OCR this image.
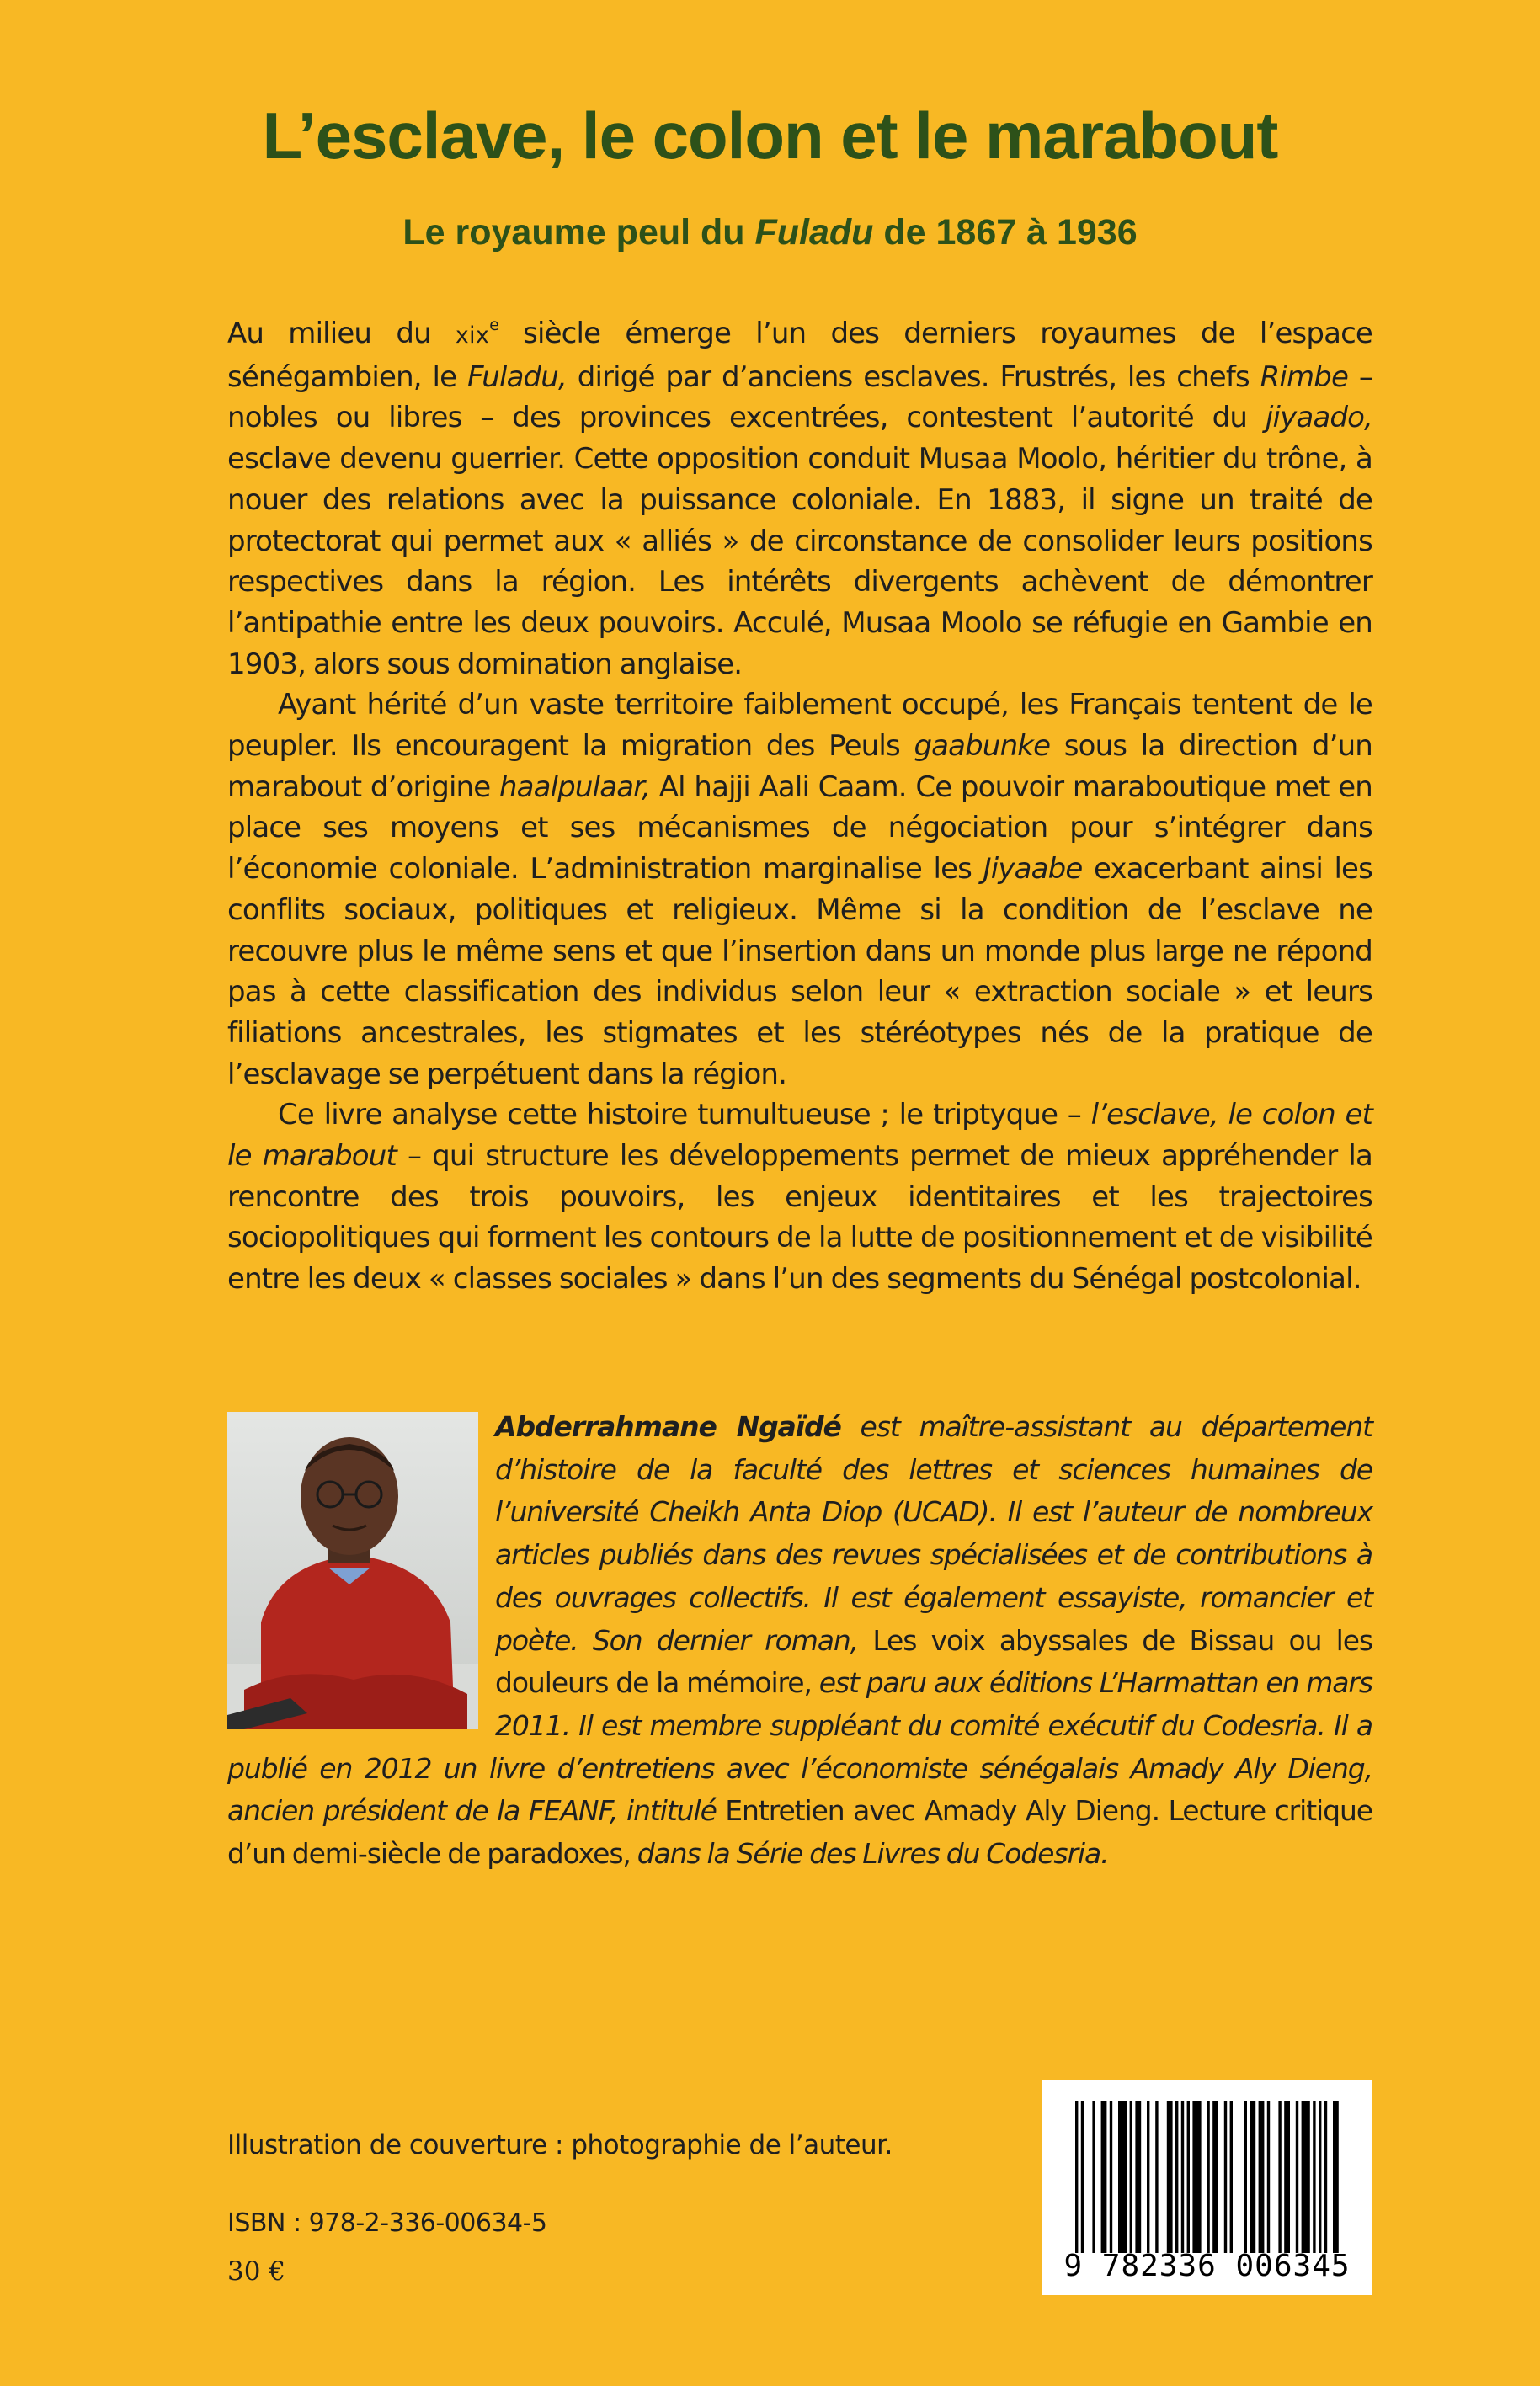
L’esclave, le colon et le marabout
Le royaume peul du Fuladu de 1867 à 1936

Au milieu du xix$^e$ siècle émerge l’un des derniers royaumes de l’espace sénégambien, le Fuladu, dirigé par d’anciens esclaves. Frustrés, les chefs Rimbe – nobles ou libres – des provinces excentrées, contestent l’autorité du jiyaado, esclave devenu guerrier. Cette opposition conduit Musaa Moolo, héritier du trône, à nouer des relations avec la puissance coloniale. En 1883, il signe un traité de protectorat qui permet aux « alliés » de circonstance de consolider leurs positions respectives dans la région. Les intérêts divergents achèvent de démontrer l’antipathie entre les deux pouvoirs. Acculé, Musaa Moolo se réfugie en Gambie en 1903, alors sous domination anglaise.

Ayant hérité d’un vaste territoire faiblement occupé, les Français tentent de le peupler. Ils encouragent la migration des Peuls gaabunke sous la direction d’un marabout d’origine haalpulaar, Al hajji Aali Caam. Ce pouvoir maraboutique met en place ses moyens et ses mécanismes de négociation pour s’intégrer dans l’économie coloniale. L’administration marginalise les Jiyaabe exacerbant ainsi les conflits sociaux, politiques et religieux. Même si la condition de l’esclave ne recouvre plus le même sens et que l’insertion dans un monde plus large ne répond pas à cette classification des individus selon leur « extraction sociale » et leurs filiations ancestrales, les stigmates et les stéréotypes nés de la pratique de l’esclavage se perpétuent dans la région.

Ce livre analyse cette histoire tumultueuse ; le triptyque – l’esclave, le colon et le marabout – qui structure les développements permet de mieux appréhender la rencontre des trois pouvoirs, les enjeux identitaires et les trajectoires sociopolitiques qui forment les contours de la lutte de positionnement et de visibilité entre les deux « classes sociales » dans l’un des segments du Sénégal postcolonial.

Abderrahmane Ngaïdé est maître-assistant au département d’histoire de la faculté des lettres et sciences humaines de l’université Cheikh Anta Diop (UCAD). Il est l’auteur de nombreux articles publiés dans des revues spécialisées et de contributions à des ouvrages collectifs. Il est également essayiste, romancier et poète. Son dernier roman, Les voix abyssales de Bissau ou les douleurs de la mémoire, est paru aux éditions L’Harmattan en mars 2011. Il est membre suppléant du comité exécutif du Codesria. Il a publié en 2012 un livre d’entretiens avec l’économiste sénégalais Amady Aly Dieng, ancien président de la FEANF, intitulé Entretien avec Amady Aly Dieng. Lecture critique d’un demi-siècle de paradoxes, dans la Série des Livres du Codesria.
Illustration de couverture : photographie de l’auteur.
ISBN : 978-2-336-00634-5
30 €	9 782336 006345
